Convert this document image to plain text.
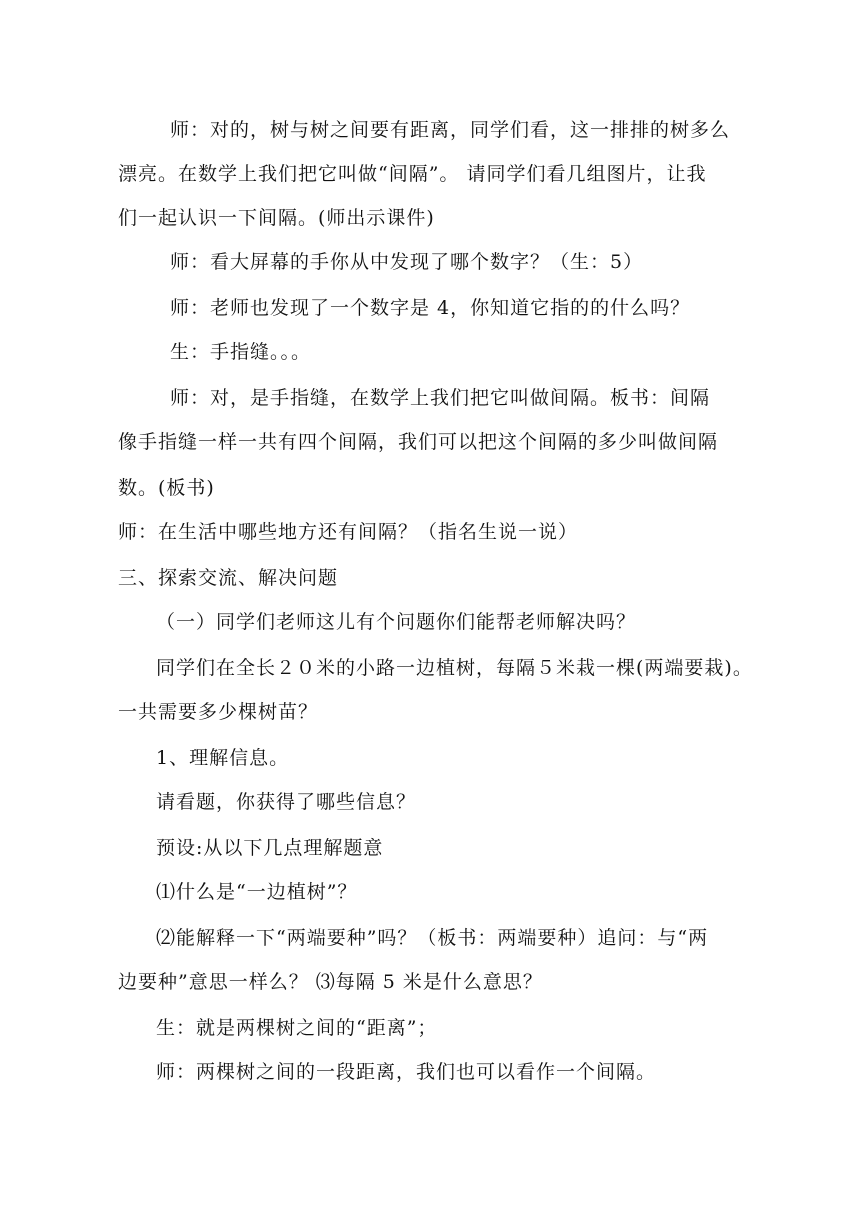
师：对的，树与树之间要有距离，同学们看，这一排排的树多么
漂亮。在数学上我们把它叫做“间隔”。 请同学们看几组图片，让我
们一起认识一下间隔。(师出示课件)
师：看大屏幕的手你从中发现了哪个数字？（生：5）
师：老师也发现了一个数字是 4，你知道它指的的什么吗？
生：手指缝。。。
师：对，是手指缝，在数学上我们把它叫做间隔。板书：间隔
像手指缝一样一共有四个间隔，我们可以把这个间隔的多少叫做间隔
数。(板书)
师：在生活中哪些地方还有间隔？（指名生说一说）
三、探索交流、解决问题
（一）同学们老师这儿有个问题你们能帮老师解决吗？
同学们在全长２０米的小路一边植树，每隔５米栽一棵(两端要栽)。
一共需要多少棵树苗？
1、理解信息。
请看题，你获得了哪些信息？
预设:从以下几点理解题意
⑴什么是“一边植树”？
⑵能解释一下“两端要种”吗？（板书：两端要种）追问：与“两
边要种”意思一样么？ ⑶每隔 5 米是什么意思？
生：就是两棵树之间的“距离”；
师：两棵树之间的一段距离，我们也可以看作一个间隔。
